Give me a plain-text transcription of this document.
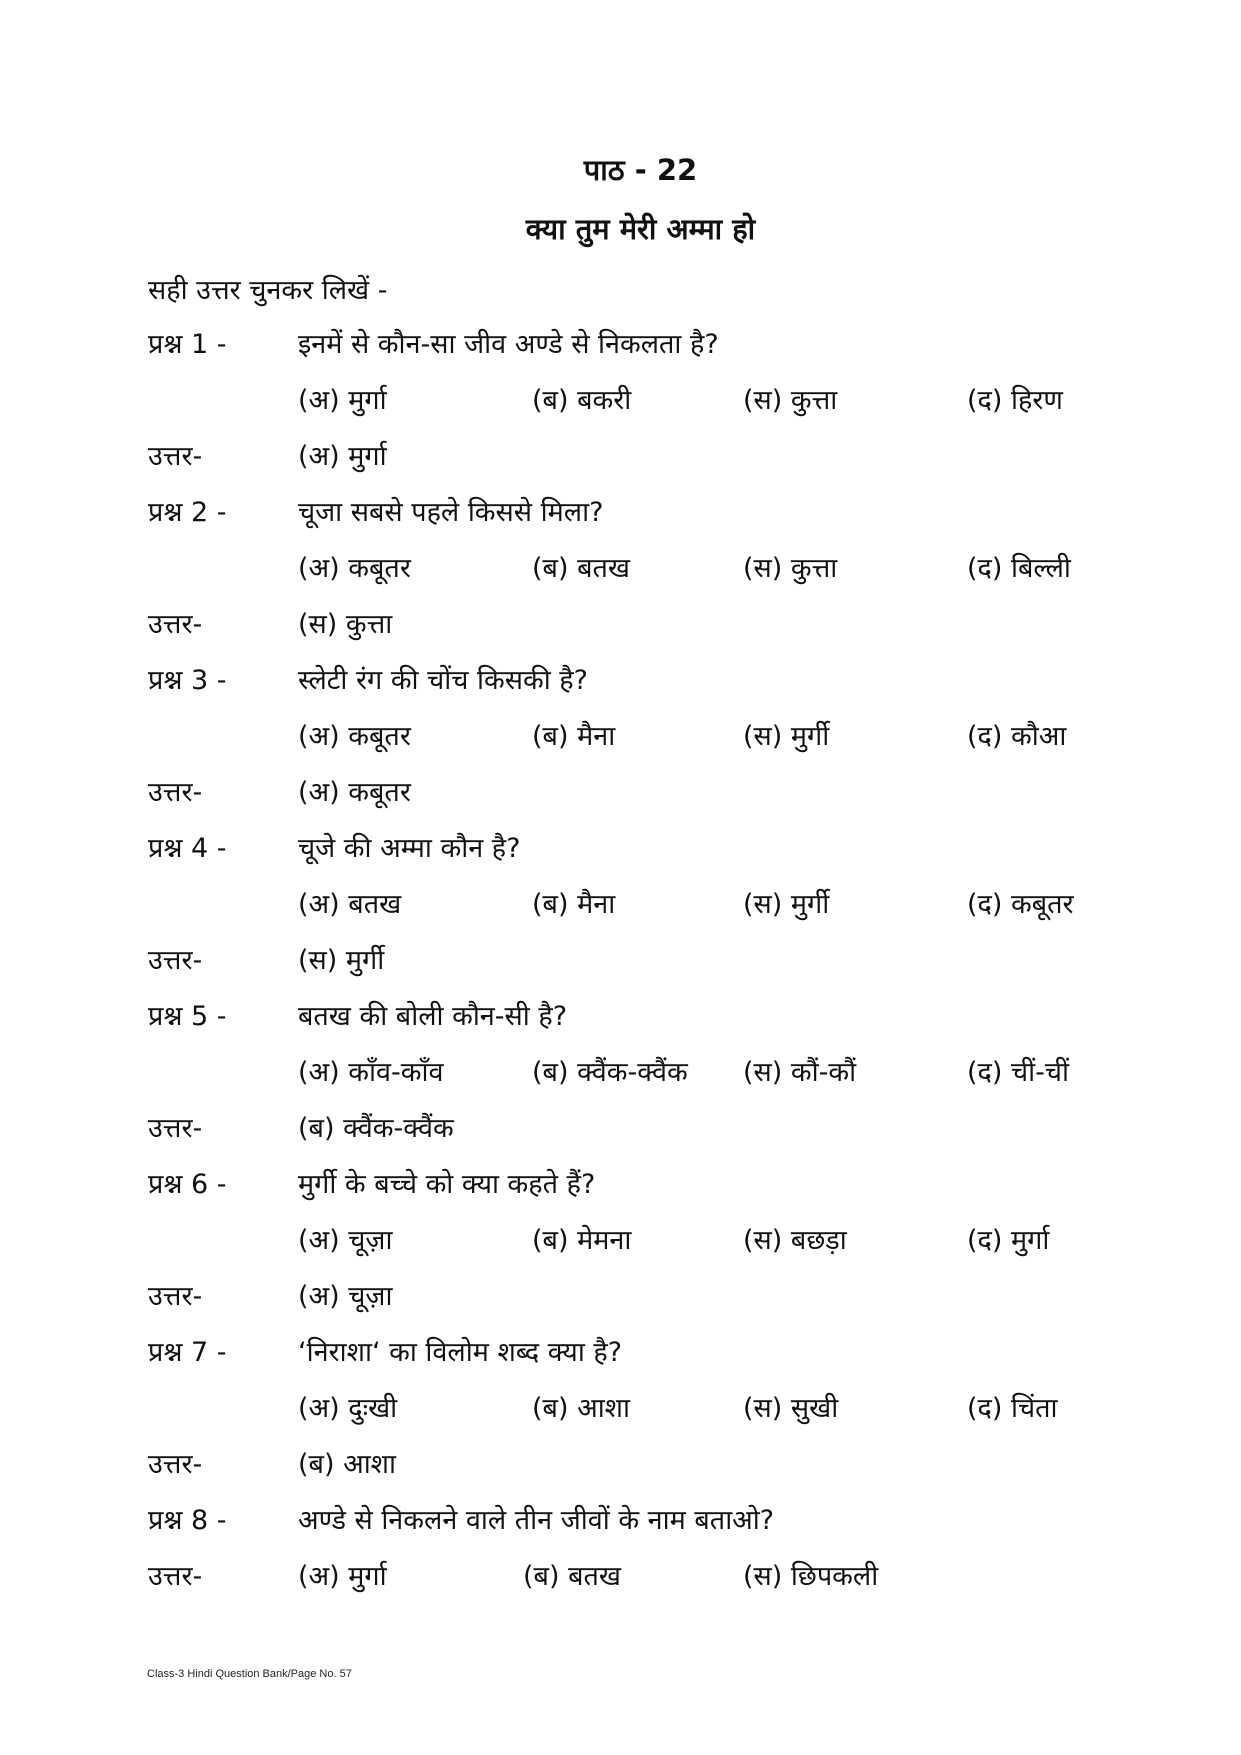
पाठ - 22
क्या तुम मेरी अम्मा हो
सही उत्तर चुनकर लिखें -
प्रश्न 1 -	इनमें से कौन-सा जीव अण्डे से निकलता है?
(अ) मुर्गा	(ब) बकरी	(स) कुत्ता	(द) हिरण
उत्तर-	(अ) मुर्गा
प्रश्न 2 -	चूजा सबसे पहले किससे मिला?
(अ) कबूतर	(ब) बतख	(स) कुत्ता	(द) बिल्ली
उत्तर-	(स) कुत्ता
प्रश्न 3 -	स्लेटी रंग की चोंच किसकी है?
(अ) कबूतर	(ब) मैना	(स) मुर्गी	(द) कौआ
उत्तर-	(अ) कबूतर
प्रश्न 4 -	चूजे की अम्मा कौन है?
(अ) बतख	(ब) मैना	(स) मुर्गी	(द) कबूतर
उत्तर-	(स) मुर्गी
प्रश्न 5 -	बतख की बोली कौन-सी है?
(अ) काँव-काँव	(ब) क्वैंक-क्वैंक (स) कौं-कौं	(द) चीं-चीं
उत्तर-	(ब) क्वैंक-क्वैंक
प्रश्न 6 -	मुर्गी के बच्चे को क्या कहते हैं?
(अ) चूज़ा	(ब) मेमना	(स) बछड़ा	(द) मुर्गा
उत्तर-	(अ) चूज़ा
प्रश्न 7 -	‘निराशा‘ का विलोम शब्द क्या है?
(अ) दुःखी	(ब) आशा	(स) सुखी	(द) चिंता
उत्तर-	(ब) आशा
प्रश्न 8 -	अण्डे से निकलने वाले तीन जीवों के नाम बताओ?
उत्तर-	(अ) मुर्गा	(ब) बतख	(स) छिपकली
Class-3 Hindi Question Bank/Page No. 57
